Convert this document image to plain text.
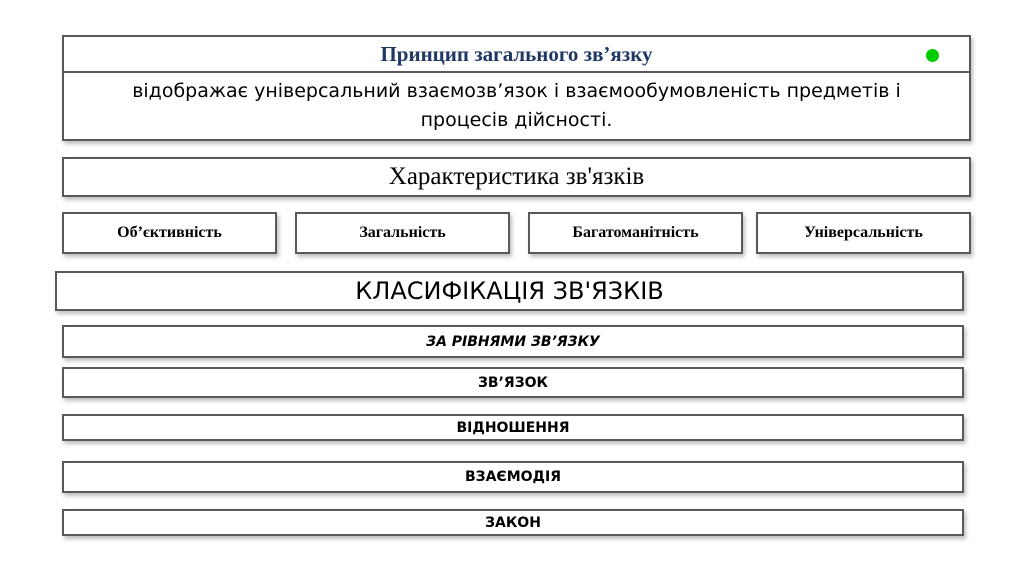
Принцип загального зв’язку
відображає універсальний взаємозв’язок і взаємообумовленість предметів і процесів дійсності.
Характеристика зв'язків
Об’єктивність	Загальність	Багатоманітність	Універсальність
КЛАСИФІКАЦІЯ ЗВ'ЯЗКІВ
ЗА РІВНЯМИ ЗВ’ЯЗКУ
ЗВ’ЯЗОК
ВІДНОШЕННЯ
ВЗАЄМОДІЯ
ЗАКОН
